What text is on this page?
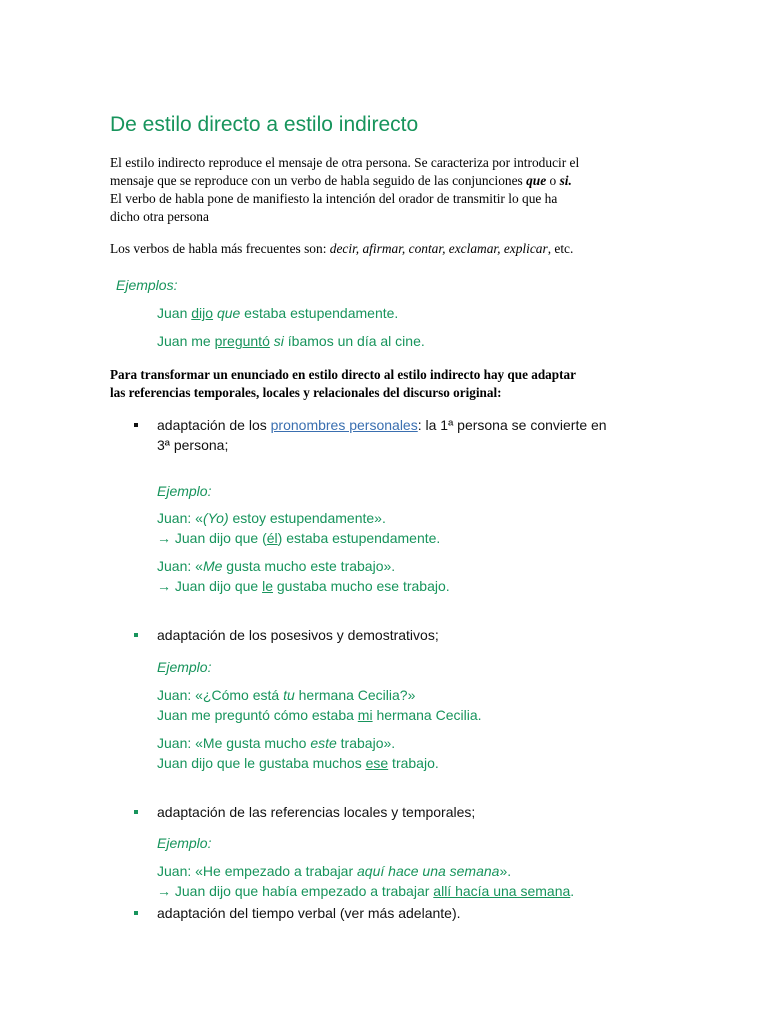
De estilo directo a estilo indirecto
El estilo indirecto reproduce el mensaje de otra persona. Se caracteriza por introducir el
mensaje que se reproduce con un verbo de habla seguido de las conjunciones que o si.
El verbo de habla pone de manifiesto la intención del orador de transmitir lo que ha
dicho otra persona
Los verbos de habla más frecuentes son: decir, afirmar, contar, exclamar, explicar, etc.
Ejemplos:
Juan dijo que estaba estupendamente.
Juan me preguntó si íbamos un día al cine.
Para transformar un enunciado en estilo directo al estilo indirecto hay que adaptar
las referencias temporales, locales y relacionales del discurso original:
adaptación de los pronombres personales: la 1ª persona se convierte en
3ª persona;
Ejemplo:
Juan: «(Yo) estoy estupendamente».
→ Juan dijo que (él) estaba estupendamente.
Juan: «Me gusta mucho este trabajo».
→ Juan dijo que le gustaba mucho ese trabajo.
adaptación de los posesivos y demostrativos;
Ejemplo:
Juan: «¿Cómo está tu hermana Cecilia?»
Juan me preguntó cómo estaba mi hermana Cecilia.
Juan: «Me gusta mucho este trabajo».
Juan dijo que le gustaba muchos ese trabajo.
adaptación de las referencias locales y temporales;
Ejemplo:
Juan: «He empezado a trabajar aquí hace una semana».
→ Juan dijo que había empezado a trabajar allí hacía una semana.
adaptación del tiempo verbal (ver más adelante).
